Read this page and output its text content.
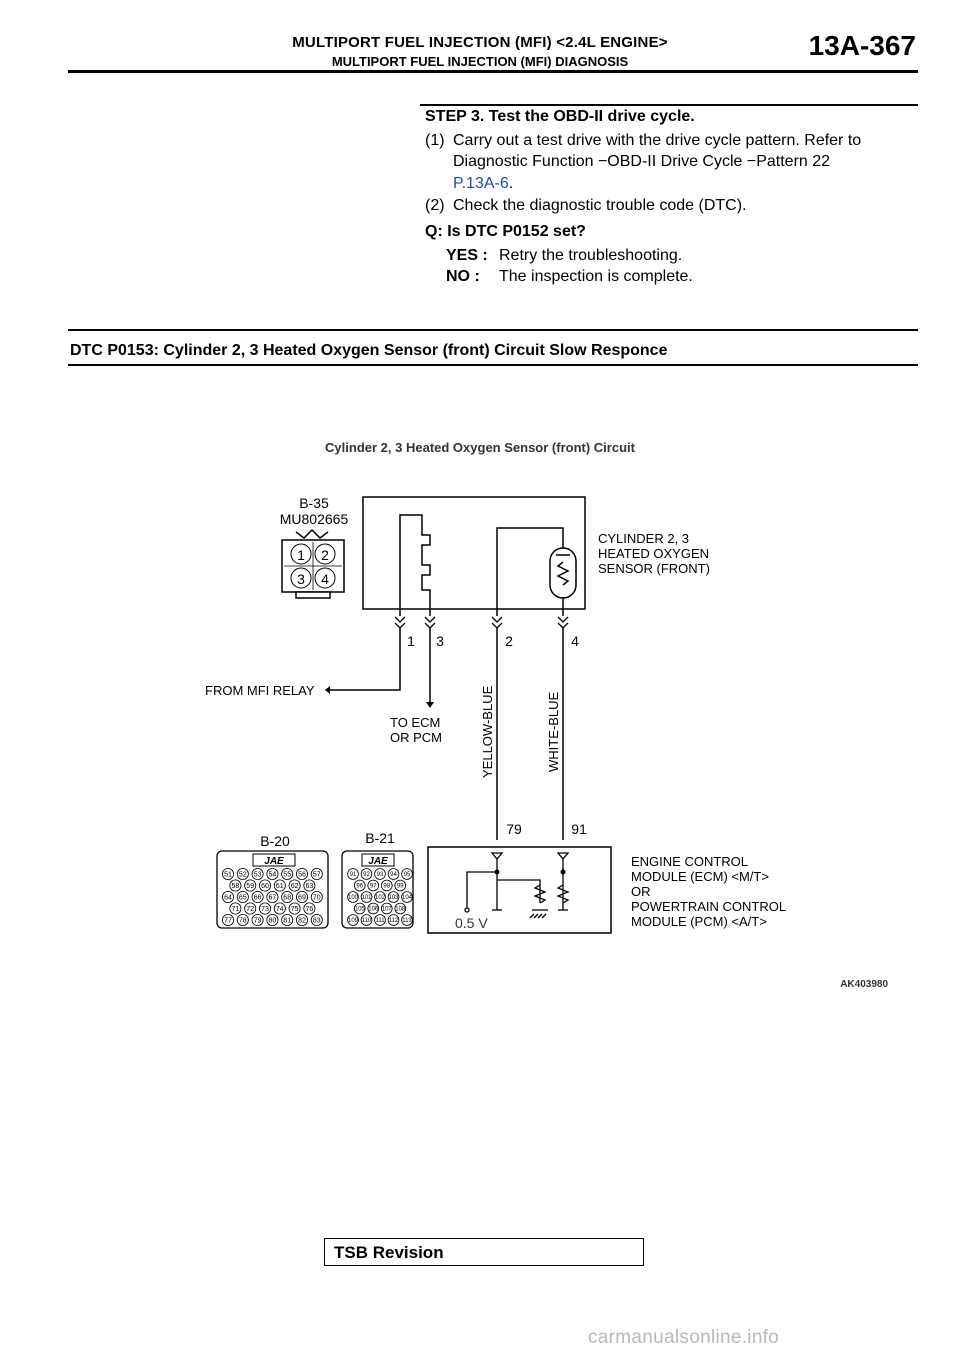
MULTIPORT FUEL INJECTION (MFI) <2.4L ENGINE>
MULTIPORT FUEL INJECTION (MFI) DIAGNOSIS
13A-367
STEP 3. Test the OBD-II drive cycle.
(1) Carry out a test drive with the drive cycle pattern. Refer to
Diagnostic Function −OBD-II Drive Cycle −Pattern 22
P.13A-6.
(2) Check the diagnostic trouble code (DTC).
Q: Is DTC P0152 set?
YES : Retry the troubleshooting.
NO : The inspection is complete.
DTC P0153: Cylinder 2, 3 Heated Oxygen Sensor (front) Circuit Slow Responce
Cylinder 2, 3 Heated Oxygen Sensor (front) Circuit
B-35
MU802665
1 2
3 4
CYLINDER 2, 3
HEATED OXYGEN
SENSOR (FRONT)
1 3	2	4
FROM MFI RELAY
TO ECM
OR PCM	YELLOW-BLUE	WHITE-BLUE
79	91
0.5 V
ENGINE CONTROL
MODULE (ECM) <M/T>
OR
POWERTRAIN CONTROL
MODULE (PCM) <A/T>
B-20	B-21
JAE	JAE
51 52 53 54 55 56 57
58 59 60 61 62 63
64 65 66 67 68 69 70
71 72 73 74 75 76
77 78 79 80 81 82 83
91 92 93 94 95
96 97 98 99
100 101 102 103 104
105 106 107 108
109 110 111 112 113
AK403980
TSB Revision
carmanualsonline.info
